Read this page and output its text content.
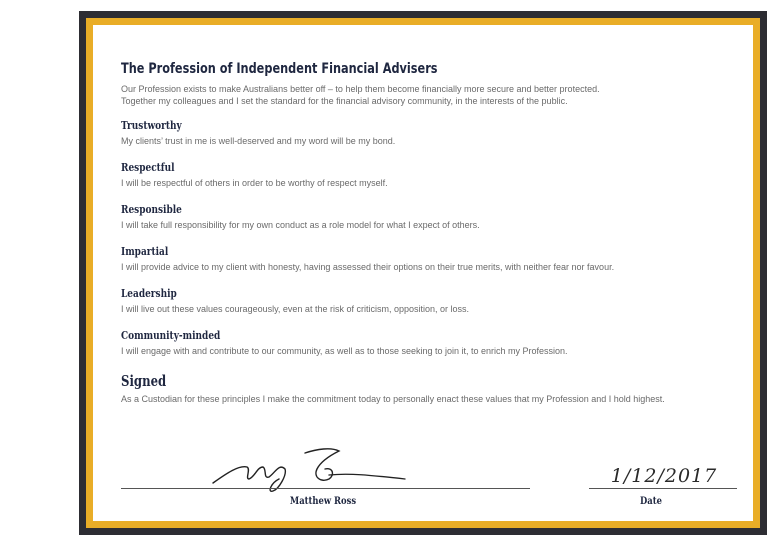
The Profession of Independent Financial Advisers
Our Profession exists to make Australians better off – to help them become financially more secure and better protected.
Together my colleagues and I set the standard for the financial advisory community, in the interests of the public.
Trustworthy
My clients’ trust in me is well-deserved and my word will be my bond.
Respectful
I will be respectful of others in order to be worthy of respect myself.
Responsible
I will take full responsibility for my own conduct as a role model for what I expect of others.
Impartial
I will provide advice to my client with honesty, having assessed their options on their true merits, with neither fear nor favour.
Leadership
I will live out these values courageously, even at the risk of criticism, opposition, or loss.
Community-minded
I will engage with and contribute to our community, as well as to those seeking to join it, to enrich my Profession.
Signed
As a Custodian for these principles I make the commitment today to personally enact these values that my Profession and I hold highest.
Matthew Ross
1/12/2017
Date
